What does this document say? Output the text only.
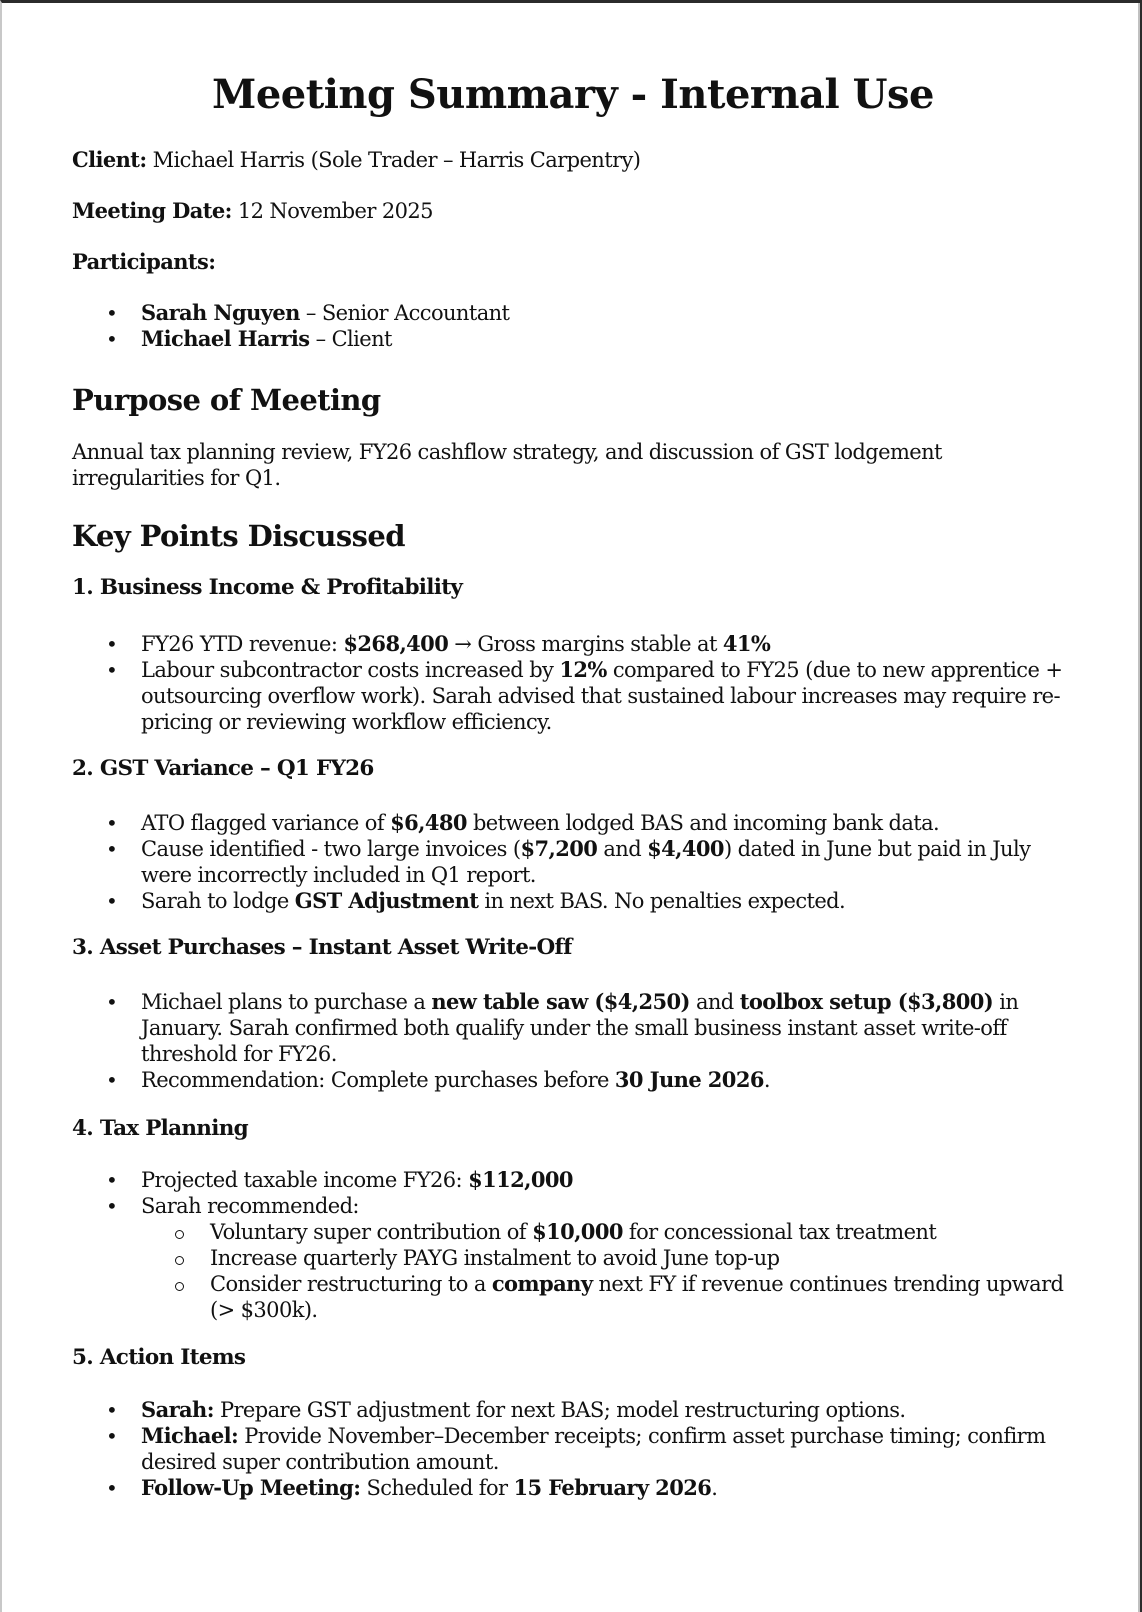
Meeting Summary - Internal Use
Client: Michael Harris (Sole Trader – Harris Carpentry)
Meeting Date: 12 November 2025
Participants:
• Sarah Nguyen – Senior Accountant
• Michael Harris – Client
Purpose of Meeting
Annual tax planning review, FY26 cashflow strategy, and discussion of GST lodgement irregularities for Q1.
Key Points Discussed
1. Business Income & Profitability
• FY26 YTD revenue: $268,400 → Gross margins stable at 41%
• Labour subcontractor costs increased by 12% compared to FY25 (due to new apprentice + outsourcing overflow work). Sarah advised that sustained labour increases may require re-pricing or reviewing workflow efficiency.
2. GST Variance – Q1 FY26
• ATO flagged variance of $6,480 between lodged BAS and incoming bank data.
• Cause identified - two large invoices ($7,200 and $4,400) dated in June but paid in July were incorrectly included in Q1 report.
• Sarah to lodge GST Adjustment in next BAS. No penalties expected.
3. Asset Purchases – Instant Asset Write-Off
• Michael plans to purchase a new table saw ($4,250) and toolbox setup ($3,800) in January. Sarah confirmed both qualify under the small business instant asset write-off threshold for FY26.
• Recommendation: Complete purchases before 30 June 2026.
4. Tax Planning
• Projected taxable income FY26: $112,000
• Sarah recommended:
Voluntary super contribution of $10,000 for concessional tax treatment
Increase quarterly PAYG instalment to avoid June top-up
Consider restructuring to a company next FY if revenue continues trending upward (> $300k).
5. Action Items
• Sarah: Prepare GST adjustment for next BAS; model restructuring options.
• Michael: Provide November–December receipts; confirm asset purchase timing; confirm desired super contribution amount.
• Follow-Up Meeting: Scheduled for 15 February 2026.
